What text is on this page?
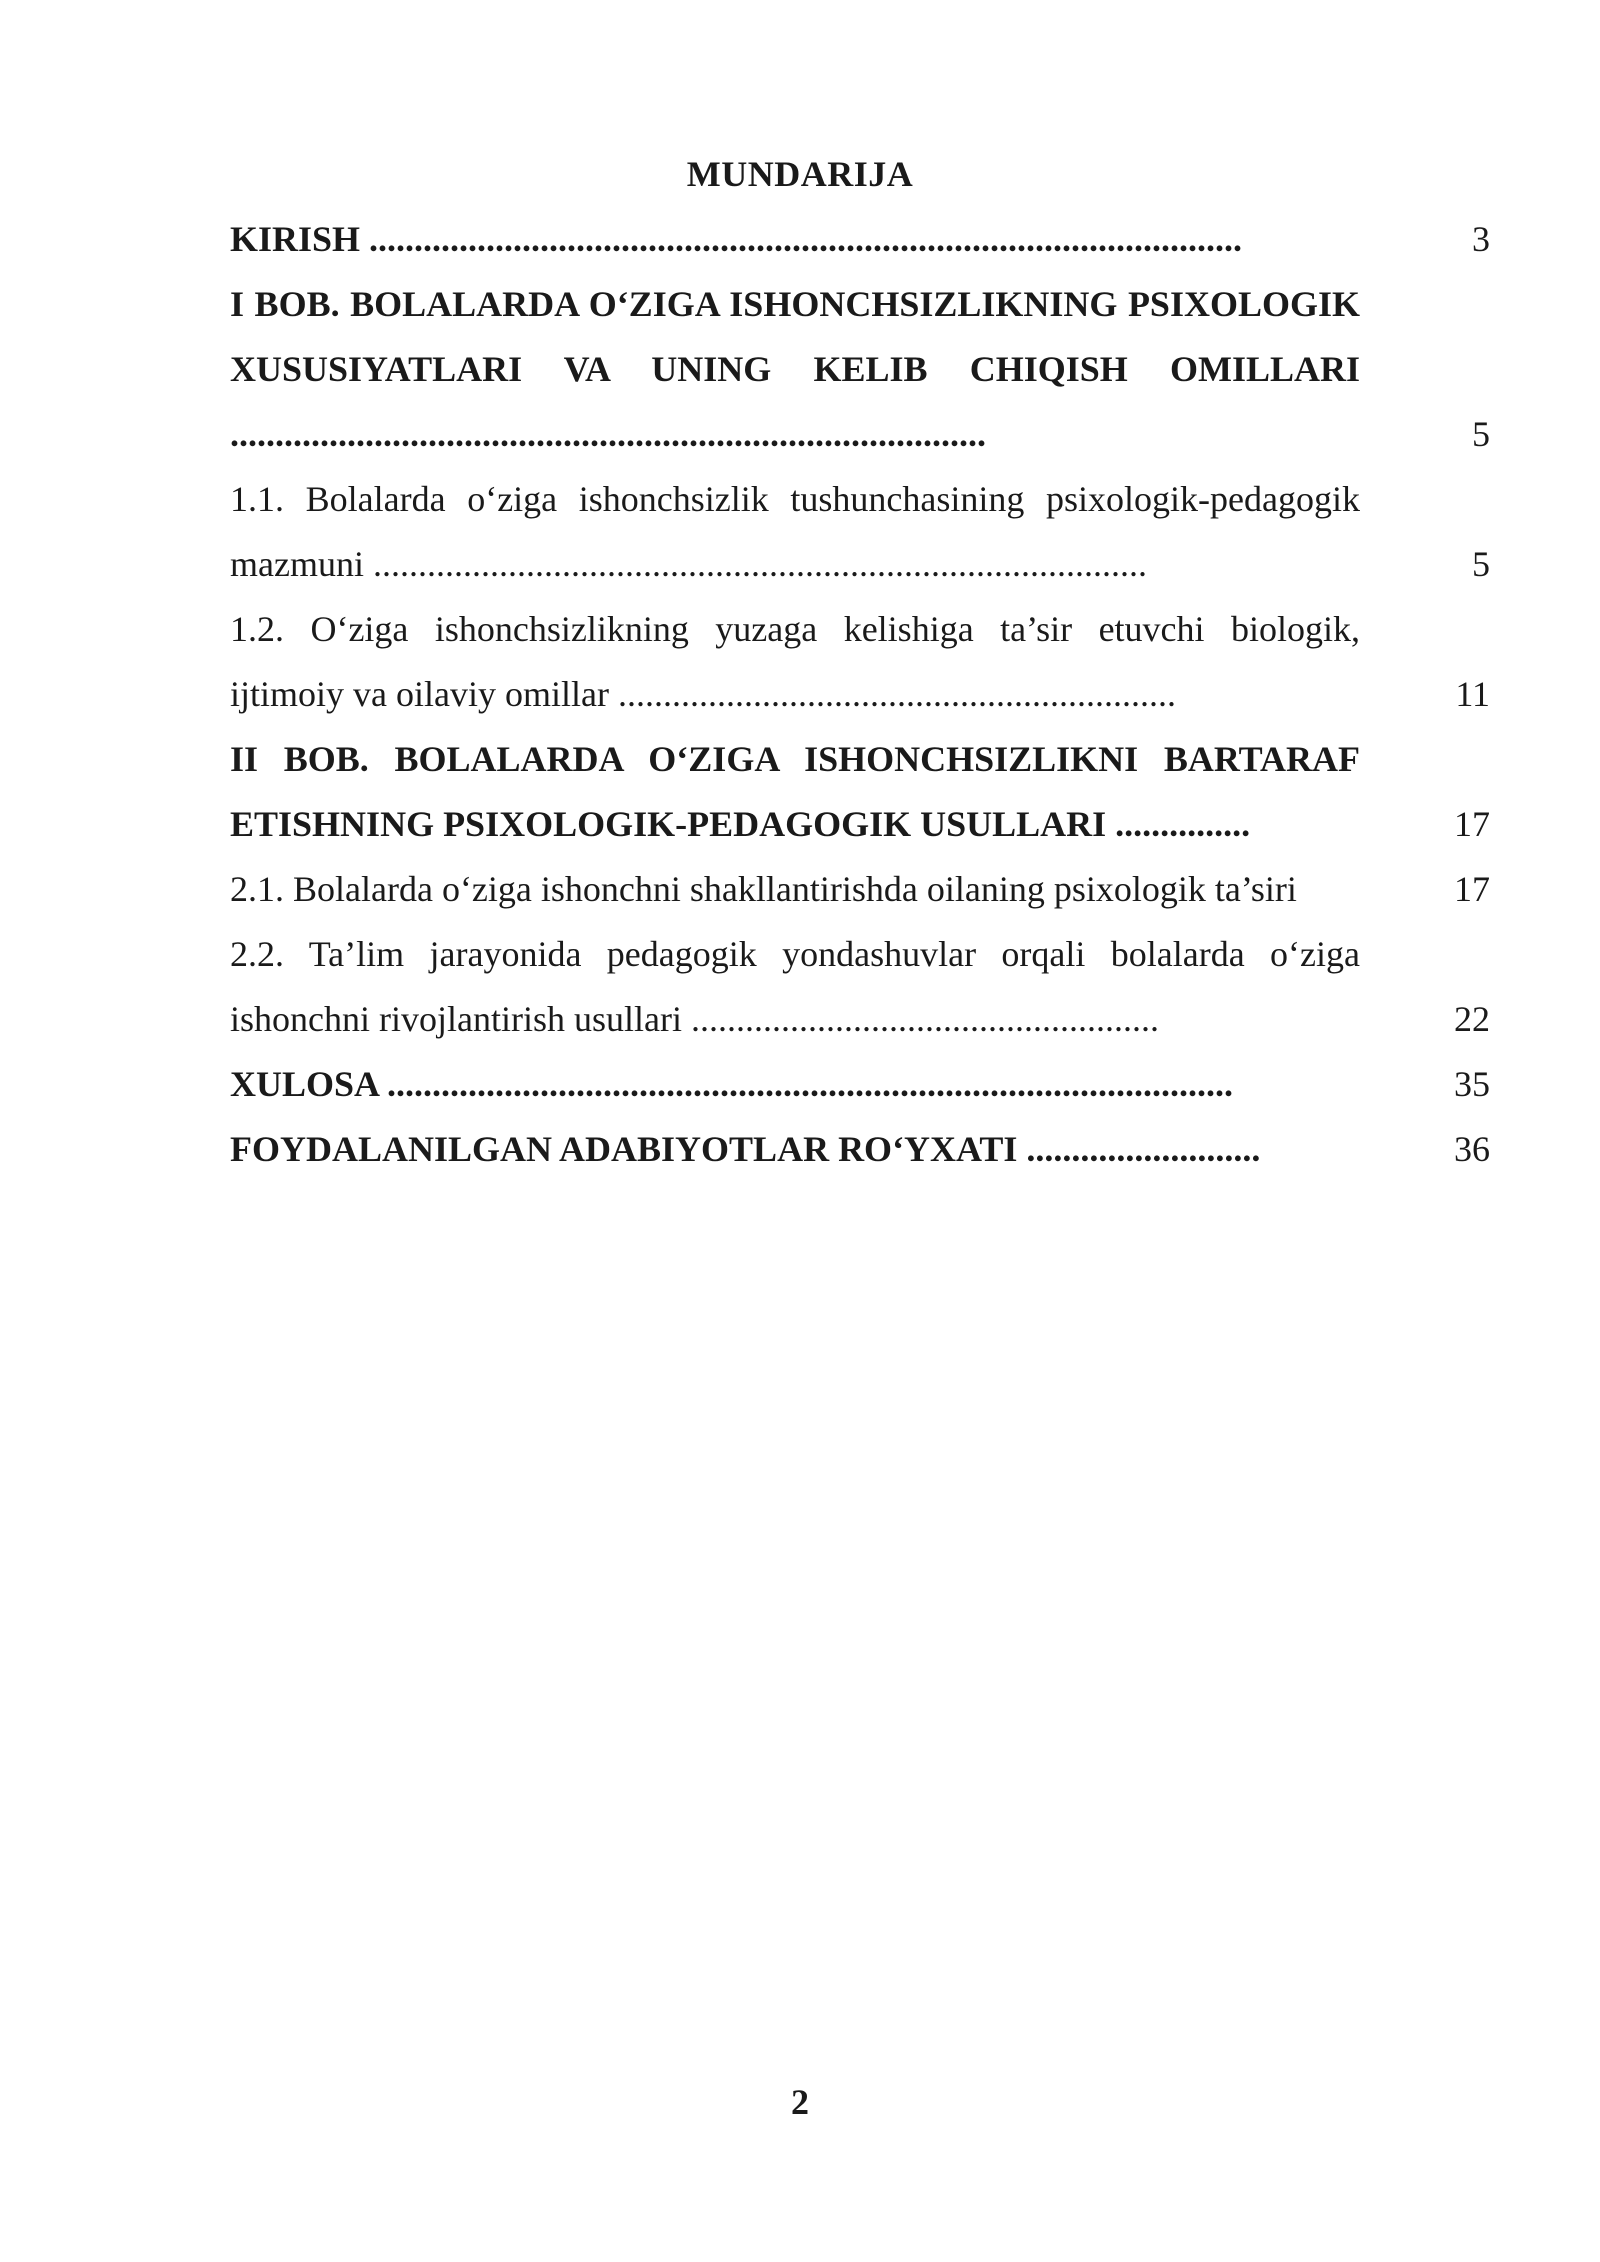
MUNDARIJA
KIRISH .................................................................................................	3
I BOB. BOLALARDA O‘ZIGA ISHONCHSIZLIKNING PSIXOLOGIK XUSUSIYATLARI VA UNING KELIB CHIQISH OMILLARI ....................................................................................	5
1.1. Bolalarda o‘ziga ishonchsizlik tushunchasining psixologik-pedagogik mazmuni ......................................................................................	5
1.2. O‘ziga ishonchsizlikning yuzaga kelishiga ta’sir etuvchi biologik, ijtimoiy va oilaviy omillar ..............................................................	11
II BOB. BOLALARDA O‘ZIGA ISHONCHSIZLIKNI BARTARAF ETISHNING PSIXOLOGIK-PEDAGOGIK USULLARI ...............	17
2.1. Bolalarda o‘ziga ishonchni shakllantirishda oilaning psixologik ta’siri	17
2.2. Ta’lim jarayonida pedagogik yondashuvlar orqali bolalarda o‘ziga ishonchni rivojlantirish usullari ....................................................	22
XULOSA ..............................................................................................	35
FOYDALANILGAN ADABIYOTLAR RO‘YXATI ..........................	36
2
